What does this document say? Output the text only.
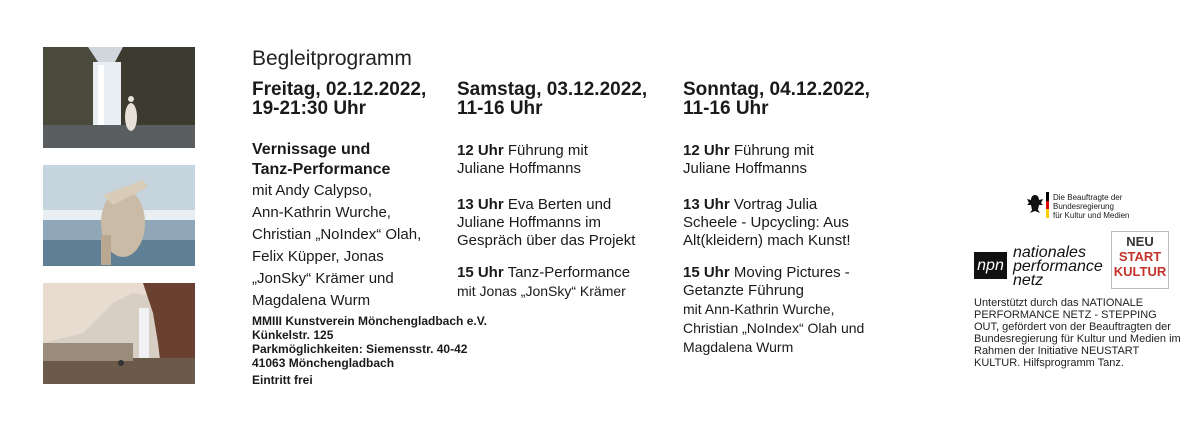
Begleitprogramm

Freitag, 02.12.2022,

19-21:30 Uhr

Vernissage und
Tanz-Performance
mit Andy Calypso,
Ann-Kathrin Wurche,
Christian „NoIndex“ Olah,
Felix Küpper, Jonas
„JonSky“ Krämer und
Magdalena Wurm

Samstag, 03.12.2022,

11-16 Uhr

12 Uhr Führung mit
Juliane Hoffmanns
13 Uhr Eva Berten und
Juliane Hoffmanns im
Gespräch über das Projekt
15 Uhr Tanz-Performance
mit Jonas „JonSky“ Krämer

Sonntag, 04.12.2022,

11-16 Uhr

12 Uhr Führung mit
Juliane Hoffmanns
13 Uhr Vortrag Julia
Scheele - Upcycling: Aus
Alt(kleidern) mach Kunst!
15 Uhr Moving Pictures -
Getanzte Führung
mit Ann-Kathrin Wurche,
Christian „NoIndex“ Olah und
Magdalena Wurm
MMIII Kunstverein Mönchengladbach e.V.
Künkelstr. 125
Parkmöglichkeiten: Siemensstr. 40-42
41063 Mönchengladbach
Eintritt frei
Die Beauftragte der Bundesregierung
für Kultur und Medien
npn
nationales
performance
netz
NEU
START
KULTUR
Unterstützt durch das NATIONALE PERFORMANCE NETZ - STEPPING OUT, gefördert von der Beauftragten der Bundesregierung für Kultur und Medien im Rahmen der Initiative NEUSTART KULTUR. Hilfsprogramm Tanz.
